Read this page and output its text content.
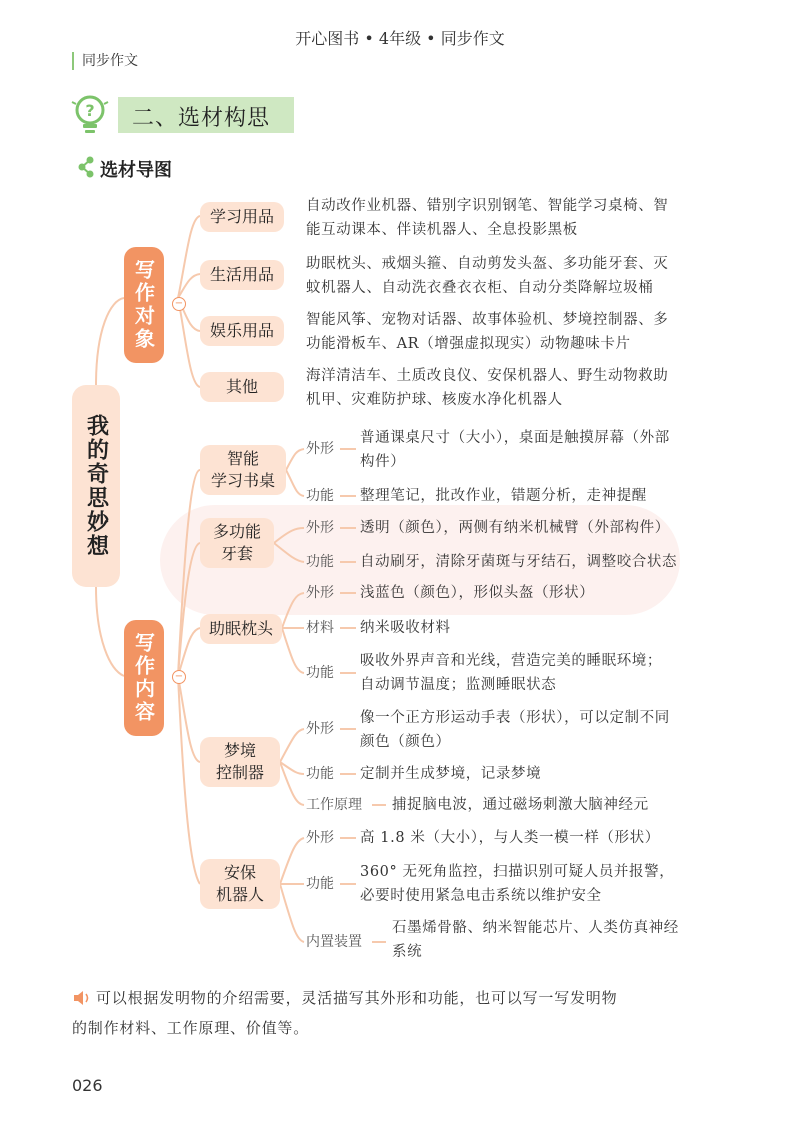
开心图书 • 4年级 • 同步作文
同步作文
? 二、选材构思
选材导图
我的奇思妙想
写作对象	−
学习用品
自动改作业机器、错别字识别钢笔、智能学习桌椅、智
能互动课本、伴读机器人、全息投影黑板
生活用品
助眠枕头、戒烟头箍、自动剪发头盔、多功能牙套、灭
蚊机器人、自动洗衣叠衣衣柜、自动分类降解垃圾桶
娱乐用品
智能风筝、宠物对话器、故事体验机、梦境控制器、多
功能滑板车、AR（增强虚拟现实）动物趣味卡片
其他
海洋清洁车、土质改良仪、安保机器人、野生动物救助
机甲、灾难防护球、核废水净化机器人
写作内容	−
智能
学习书桌
外形
普通课桌尺寸（大小），桌面是触摸屏幕（外部
构件）
功能 整理笔记，批改作业，错题分析，走神提醒
多功能
牙套
外形 透明（颜色），两侧有纳米机械臂（外部构件）
功能 自动刷牙，清除牙菌斑与牙结石，调整咬合状态
助眠枕头
外形 浅蓝色（颜色），形似头盔（形状）
材料 纳米吸收材料
功能
吸收外界声音和光线，营造完美的睡眠环境；
自动调节温度；监测睡眠状态
梦境
控制器
外形
像一个正方形运动手表（形状），可以定制不同
颜色（颜色）
功能 定制并生成梦境，记录梦境
工作原理 捕捉脑电波，通过磁场刺激大脑神经元
安保
机器人
外形 高 1.8 米（大小），与人类一模一样（形状）
功能
360° 无死角监控，扫描识别可疑人员并报警，
必要时使用紧急电击系统以维护安全
内置装置
石墨烯骨骼、纳米智能芯片、人类仿真神经
系统
可以根据发明物的介绍需要，灵活描写其外形和功能，也可以写一写发明物
的制作材料、工作原理、价值等。
026
